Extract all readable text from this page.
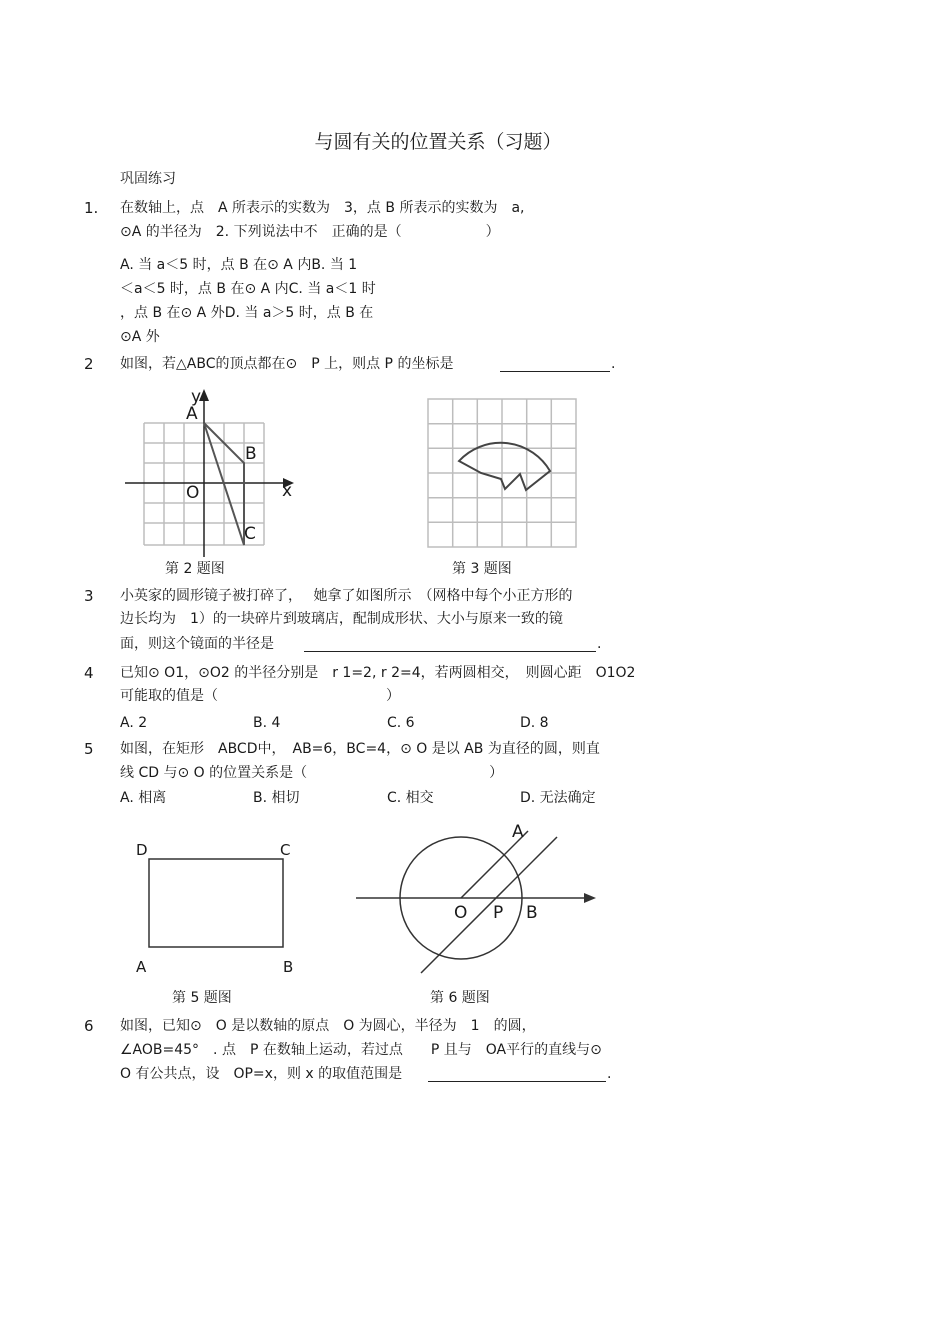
与圆有关的位置关系（习题）
巩固练习
1. 在数轴上，点　A 所表示的实数为　3，点 B 所表示的实数为　a,
⊙A 的半径为　2. 下列说法中不　正确的是（　　　　　　）
A. 当 a＜5 时，点 B 在⊙ A 内B. 当 1
＜a＜5 时，点 B 在⊙ A 内C. 当 a＜1 时
，点 B 在⊙ A 外D. 当 a＞5 时，点 B 在
⊙A 外
2 如图，若△ABC的顶点都在⊙　P 上，则点 P 的坐标是	.
y
A
B
O	x
C
第 2 题图	第 3 题图
3 小英家的圆形镜子被打碎了，　 她拿了如图所示　（网格中每个小正方形的
边长均为　1）的一块碎片到玻璃店，配制成形状、大小与原来一致的镜
面，则这个镜面的半径是	.
4 已知⊙ O1，⊙O2 的半径分别是　r 1=2, r 2=4，若两圆相交，　则圆心距　O1O2
可能取的值是（　　　　　　　　　　　　）
A. 2	B. 4	C. 6	D. 8
5 如图，在矩形　ABCD中，　AB=6，BC=4，⊙ O 是以 AB 为直径的圆，则直
线 CD 与⊙ O 的位置关系是（　　　　　　　　　　　　　）
A. 相离	B. 相切	C. 相交	D. 无法确定
D	C
A	B
第 5 题图
A
O P B
第 6 题图
6 如图，已知⊙　O 是以数轴的原点　O 为圆心，半径为　1　的圆，
∠AOB=45°　. 点　P 在数轴上运动，若过点　　P 且与　OA平行的直线与⊙
O 有公共点，设　OP=x，则 x 的取值范围是	.
